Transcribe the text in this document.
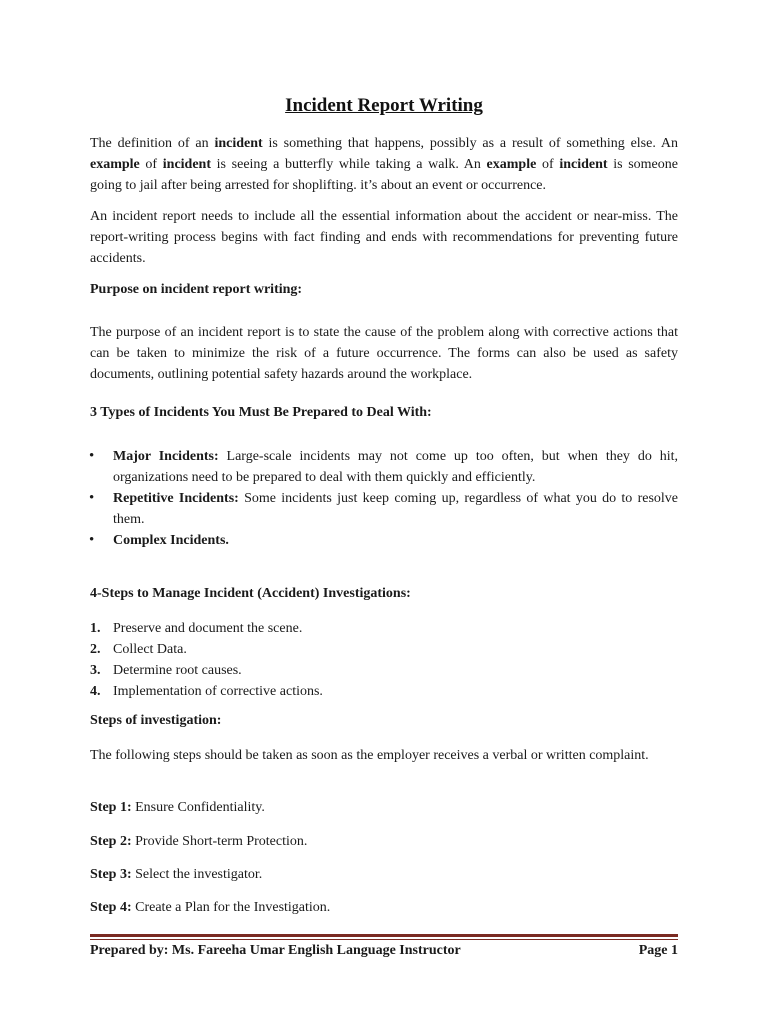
Incident Report Writing

The definition of an incident is something that happens, possibly as a result of something else. An example of incident is seeing a butterfly while taking a walk. An example of incident is someone going to jail after being arrested for shoplifting. it’s about an event or occurrence.

An incident report needs to include all the essential information about the accident or near-miss. The report-writing process begins with fact finding and ends with recommendations for preventing future accidents.

Purpose on incident report writing:

The purpose of an incident report is to state the cause of the problem along with corrective actions that can be taken to minimize the risk of a future occurrence. The forms can also be used as safety documents, outlining potential safety hazards around the workplace.

3 Types of Incidents You Must Be Prepared to Deal With:
• Major Incidents: Large-scale incidents may not come up too often, but when they do hit, organizations need to be prepared to deal with them quickly and efficiently.
• Repetitive Incidents: Some incidents just keep coming up, regardless of what you do to resolve them.
• Complex Incidents.
4-Steps to Manage Incident (Accident) Investigations:
1. Preserve and document the scene.
2. Collect Data.
3. Determine root causes.
4. Implementation of corrective actions.
Steps of investigation:

The following steps should be taken as soon as the employer receives a verbal or written complaint.

Step 1: Ensure Confidentiality.
Step 2: Provide Short-term Protection.
Step 3: Select the investigator.
Step 4: Create a Plan for the Investigation.
Prepared by: Ms. Fareeha Umar English Language Instructor	Page 1
